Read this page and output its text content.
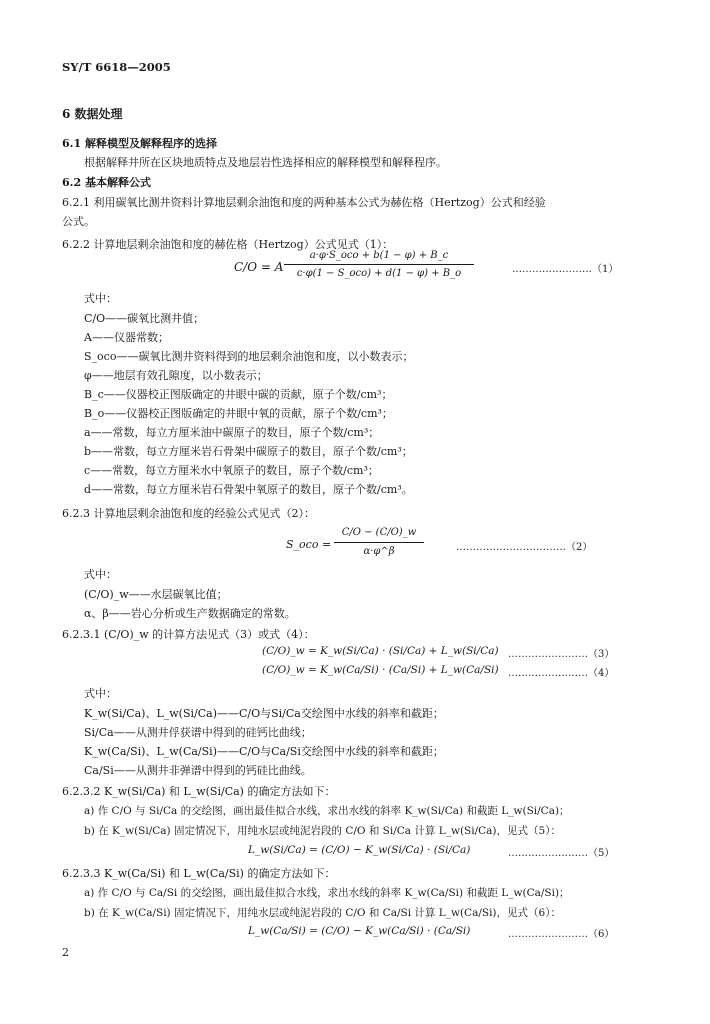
SY/T 6618—2005
6 数据处理
6.1 解释模型及解释程序的选择
根据解释井所在区块地质特点及地层岩性选择相应的解释模型和解释程序。
6.2 基本解释公式
6.2.1 利用碳氧比测井资料计算地层剩余油饱和度的两种基本公式为赫佐格（Hertzog）公式和经验
公式。
6.2.2 计算地层剩余油饱和度的赫佐格（Hertzog）公式见式（1）：
C/O = A
a·φ·S_oco + b(1 − φ) + B_c
c·φ(1 − S_oco) + d(1 − φ) + B_o	……………………（1）
式中：
C/O——碳氧比测井值；
A——仪器常数；
S_oco——碳氧比测井资料得到的地层剩余油饱和度，以小数表示；
φ——地层有效孔隙度，以小数表示；
B_c——仪器校正图版确定的井眼中碳的贡献，原子个数/cm³；
B_o——仪器校正图版确定的井眼中氧的贡献，原子个数/cm³；
a——常数，每立方厘米油中碳原子的数目，原子个数/cm³；
b——常数，每立方厘米岩石骨架中碳原子的数目，原子个数/cm³；
c——常数，每立方厘米水中氧原子的数目，原子个数/cm³；
d——常数，每立方厘米岩石骨架中氧原子的数目，原子个数/cm³。
6.2.3 计算地层剩余油饱和度的经验公式见式（2）：
S_oco =
C/O − (C/O)_w
α·φ^β	……………………………（2）
式中：
(C/O)_w——水层碳氧比值；
α、β——岩心分析或生产数据确定的常数。
6.2.3.1 (C/O)_w 的计算方法见式（3）或式（4）：
(C/O)_w = K_w(Si/Ca) · (Si/Ca) + L_w(Si/Ca) ……………………（3）
(C/O)_w = K_w(Ca/Si) · (Ca/Si) + L_w(Ca/Si) ……………………（4）
式中：
K_w(Si/Ca)、L_w(Si/Ca)——C/O与Si/Ca交绘图中水线的斜率和截距；
Si/Ca——从测井俘获谱中得到的硅钙比曲线；
K_w(Ca/Si)、L_w(Ca/Si)——C/O与Ca/Si交绘图中水线的斜率和截距；
Ca/Si——从测井非弹谱中得到的钙硅比曲线。
6.2.3.2 K_w(Si/Ca) 和 L_w(Si/Ca) 的确定方法如下：
a) 作 C/O 与 Si/Ca 的交绘图，画出最佳拟合水线，求出水线的斜率 K_w(Si/Ca) 和截距 L_w(Si/Ca)；
b) 在 K_w(Si/Ca) 固定情况下，用纯水层或纯泥岩段的 C/O 和 Si/Ca 计算 L_w(Si/Ca)，见式（5）：
L_w(Si/Ca) = (C/O) − K_w(Si/Ca) · (Si/Ca)	……………………（5）
6.2.3.3 K_w(Ca/Si) 和 L_w(Ca/Si) 的确定方法如下：
a) 作 C/O 与 Ca/Si 的交绘图，画出最佳拟合水线，求出水线的斜率 K_w(Ca/Si) 和截距 L_w(Ca/Si)；
b) 在 K_w(Ca/Si) 固定情况下，用纯水层或纯泥岩段的 C/O 和 Ca/Si 计算 L_w(Ca/Si)，见式（6）：
L_w(Ca/Si) = (C/O) − K_w(Ca/Si) · (Ca/Si)	……………………（6）
2
